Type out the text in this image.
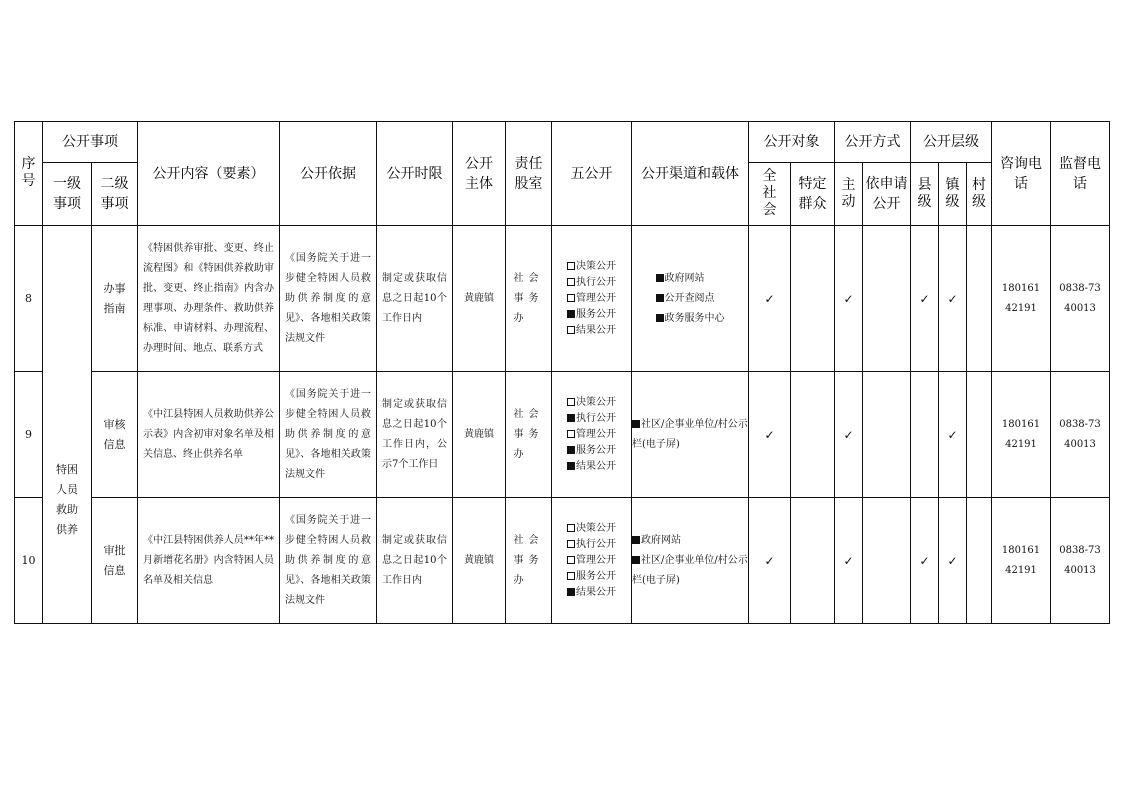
序号	公开事项		公开内容（要素）	公开依据	公开时限	公开主体	责任股室	五公开	公开渠道和载体	公开对象		公开方式		公开层级			咨询电话	监督电话
	一级事项	二级事项								全社会	特定群众	主动	依申请公开	县级	镇级	村级		
8	特困人员救助供养	办事指南	《特困供养审批、变更、终止流程图》和《特困供养救助审批、变更、终止指南》内含办理事项、办理条件、救助供养标准、申请材料、办理流程、办理时间、地点、联系方式	《国务院关于进一步健全特困人员救助供养制度的意见》、各地相关政策法规文件	制定或获取信息之日起10个工作日内	黄鹿镇	社会事务办	决策公开
执行公开
管理公开
服务公开
结果公开	政府网站
公开查阅点
政务服务中心	✓		✓		✓	✓		18016142191	0838-7340013
9		审核信息	《中江县特困人员救助供养公示表》内含初审对象名单及相关信息、终止供养名单	《国务院关于进一步健全特困人员救助供养制度的意见》、各地相关政策法规文件	制定或获取信息之日起10个工作日内，公示7个工作日	黄鹿镇	社会事务办	决策公开
执行公开
管理公开
服务公开
结果公开	社区/企事业单位/村公示栏(电子屏)	✓		✓			✓		18016142191	0838-7340013
10		审批信息	《中江县特困供养人员**年**月新增花名册》内含特困人员名单及相关信息	《国务院关于进一步健全特困人员救助供养制度的意见》、各地相关政策法规文件	制定或获取信息之日起10个工作日内	黄鹿镇	社会事务办	决策公开
执行公开
管理公开
服务公开
结果公开	政府网站
社区/企事业单位/村公示栏(电子屏)	✓		✓		✓	✓		18016142191	0838-7340013
